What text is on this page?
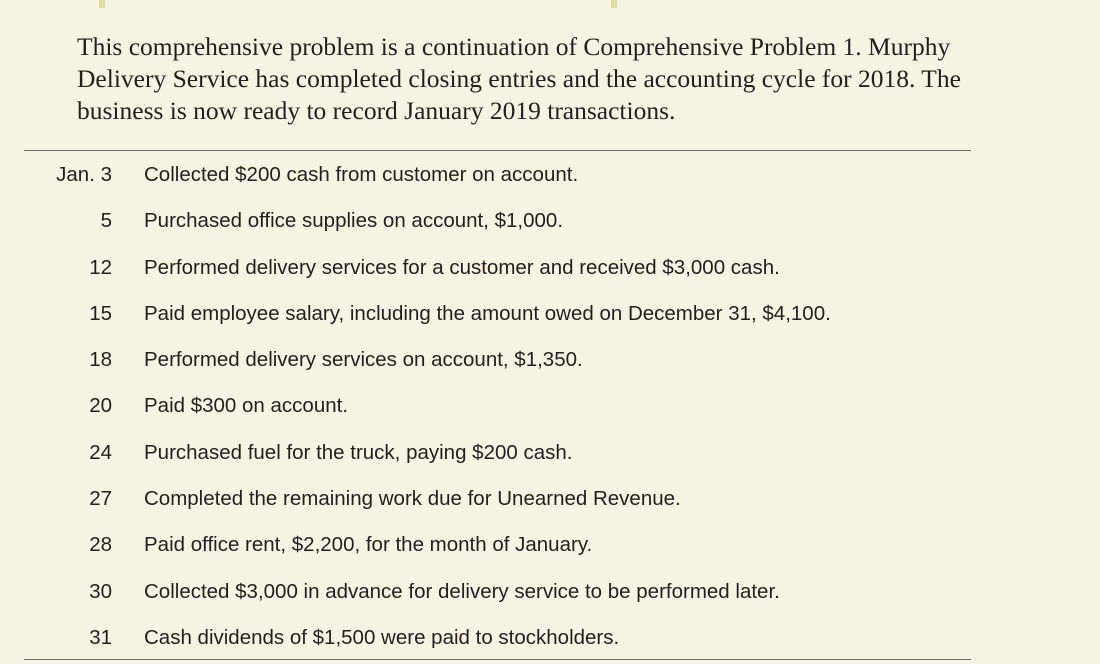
This comprehensive problem is a continuation of Comprehensive Problem 1. Murphy Delivery Service has completed closing entries and the accounting cycle for 2018. The business is now ready to record January 2019 transactions.

Jan. 3 Collected $200 cash from customer on account.
5 Purchased office supplies on account, $1,000.
12 Performed delivery services for a customer and received $3,000 cash.
15 Paid employee salary, including the amount owed on December 31, $4,100.
18 Performed delivery services on account, $1,350.
20 Paid $300 on account.
24 Purchased fuel for the truck, paying $200 cash.
27 Completed the remaining work due for Unearned Revenue.
28 Paid office rent, $2,200, for the month of January.
30 Collected $3,000 in advance for delivery service to be performed later.
31 Cash dividends of $1,500 were paid to stockholders.
